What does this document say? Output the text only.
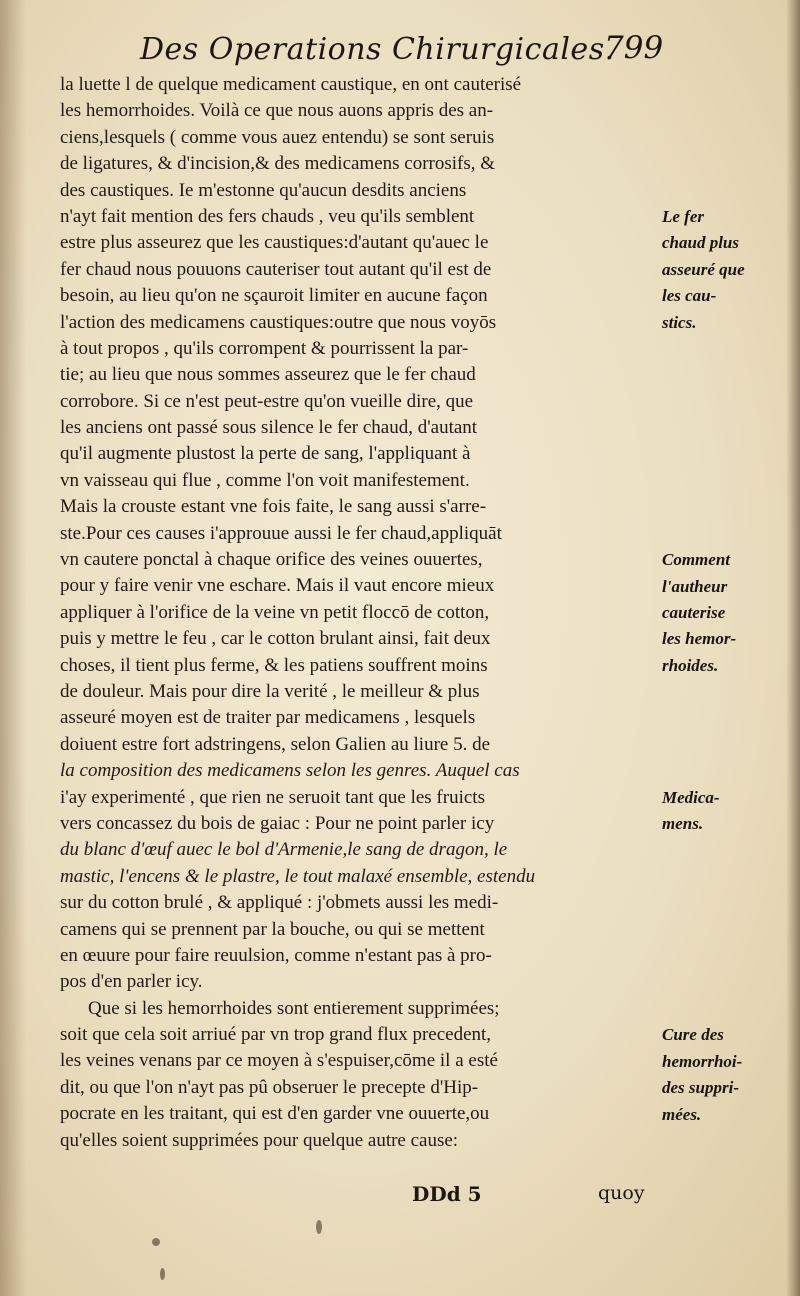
Des Operations Chirurgicales.
799
la luette l de quelque medicament caustique, en ont cauterisé
les hemorrhoides. Voilà ce que nous auons appris des an-
ciens,lesquels ( comme vous auez entendu) se sont seruis
de ligatures, & d'incision,& des medicamens corrosifs, &
des caustiques. Ie m'estonne qu'aucun desdits anciens
n'ayt fait mention des fers chauds , veu qu'ils semblent
estre plus asseurez que les caustiques:d'autant qu'auec le
fer chaud nous pouuons cauteriser tout autant qu'il est de
besoin, au lieu qu'on ne sçauroit limiter en aucune façon
l'action des medicamens caustiques:outre que nous voyōs
à tout propos , qu'ils corrompent & pourrissent la par-
tie; au lieu que nous sommes asseurez que le fer chaud
corrobore. Si ce n'est peut-estre qu'on vueille dire, que
les anciens ont passé sous silence le fer chaud, d'autant
qu'il augmente plustost la perte de sang, l'appliquant à
vn vaisseau qui flue , comme l'on voit manifestement.
Mais la crouste estant vne fois faite, le sang aussi s'arre-
ste.Pour ces causes i'approuue aussi le fer chaud,appliquāt
vn cautere ponctal à chaque orifice des veines ouuertes,
pour y faire venir vne eschare. Mais il vaut encore mieux
appliquer à l'orifice de la veine vn petit floccō de cotton,
puis y mettre le feu , car le cotton brulant ainsi, fait deux
choses, il tient plus ferme, & les patiens souffrent moins
de douleur. Mais pour dire la verité , le meilleur & plus
asseuré moyen est de traiter par medicamens , lesquels
doiuent estre fort adstringens, selon Galien au liure 5. de
la composition des medicamens selon les genres. Auquel cas
i'ay experimenté , que rien ne seruoit tant que les fruicts
vers concassez du bois de gaiac : Pour ne point parler icy
du blanc d'œuf auec le bol d'Armenie,le sang de dragon, le
mastic, l'encens & le plastre, le tout malaxé ensemble, estendu
sur du cotton brulé , & appliqué : j'obmets aussi les medi-
camens qui se prennent par la bouche, ou qui se mettent
en œuure pour faire reuulsion, comme n'estant pas à pro-
pos d'en parler icy.
Que si les hemorrhoides sont entierement supprimées;
soit que cela soit arriué par vn trop grand flux precedent,
les veines venans par ce moyen à s'espuiser,cōme il a esté
dit, ou que l'on n'ayt pas pû obseruer le precepte d'Hip-
pocrate en les traitant, qui est d'en garder vne ouuerte,ou
qu'elles soient supprimées pour quelque autre cause:
Le fer
chaud plus
asseuré que
les cau-
stics.
Comment
l'autheur
cauterise
les hemor-
rhoides.
Medica-
mens.
Cure des
hemorrhoi-
des suppri-
mées.
DDd 5	quoy
